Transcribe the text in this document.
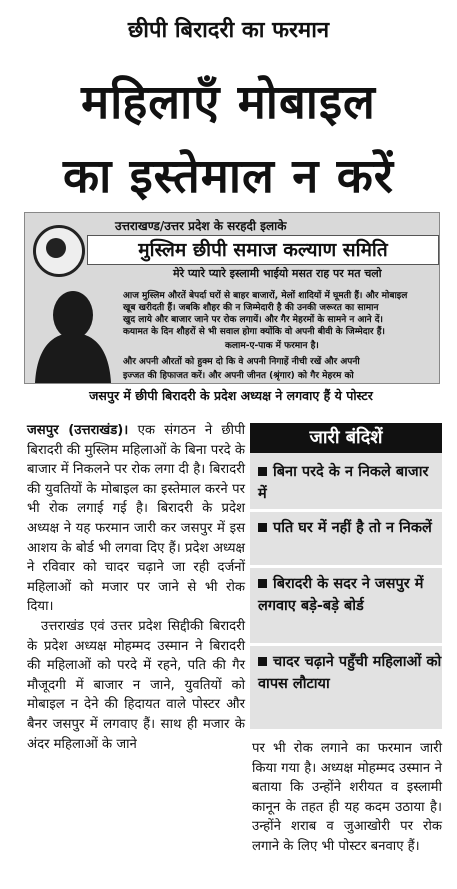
छीपी बिरादरी का फरमान
महिलाएँ मोबाइल
का इस्तेमाल न करें
उत्तराखण्ड/उत्तर प्रदेश के सरहदी इलाके
मुस्लिम छीपी समाज कल्याण समिति
मेरे प्यारे प्यारे इस्लामी भाईयो मसत राह पर मत चलो
आज मुस्लिम औरतें बेपर्दा घरों से बाहर बाजारों, मेलों शादियों में घूमती हैं। और मोबाइल
खूब खरीदती हैं। जबकि शौहर की न जिम्मेदारी है की उनकी जरूरत का सामान
खुद लाये और बाजार जाने पर रोक लगायें। और गैर मेहरमों के सामने न आने दें।
कयामत के दिन शौहरों से भी सवाल होगा क्योंकि वो अपनी बीवी के जिम्मेदार हैं।
कलाम-ए-पाक में फरमान है।
और अपनी औरतों को हुक्म दो कि वे अपनी निगाहें नीची रखें और अपनी
इज्जत की हिफाजत करें। और अपनी जीनत (श्रृंगार) को गैर मेहरम को
जसपुर में छीपी बिरादरी के प्रदेश अध्यक्ष ने लगवाए हैं ये पोस्टर

जसपुर (उत्तराखंड)। एक संगठन ने छीपी बिरादरी की मुस्लिम महिलाओं के बिना परदे के बाजार में निकलने पर रोक लगा दी है। बिरादरी की युवतियों के मोबाइल का इस्तेमाल करने पर भी रोक लगाई गई है। बिरादरी के प्रदेश अध्यक्ष ने यह फरमान जारी कर जसपुर में इस आशय के बोर्ड भी लगवा दिए हैं। प्रदेश अध्यक्ष ने रविवार को चादर चढ़ाने जा रही दर्जनों महिलाओं को मजार पर जाने से भी रोक दिया।

उत्तराखंड एवं उत्तर प्रदेश सिद्दीकी बिरादरी के प्रदेश अध्यक्ष मोहम्मद उस्मान ने बिरादरी की महिलाओं को परदे में रहने, पति की गैर मौजूदगी में बाजार न जाने, युवतियों को मोबाइल न देने की हिदायत वाले पोस्टर और बैनर जसपुर में लगवाए हैं। साथ ही मजार के अंदर महिलाओं के जाने

जारी बंदिशें
बिना परदे के न निकले बाजार में
पति घर में नहीं है तो न निकलें
बिरादरी के सदर ने जसपुर में लगवाए बड़े-बड़े बोर्ड
चादर चढ़ाने पहुँची महिलाओं को वापस लौटाया

पर भी रोक लगाने का फरमान जारी किया गया है। अध्यक्ष मोहम्मद उस्मान ने बताया कि उन्होंने शरीयत व इस्लामी कानून के तहत ही यह कदम उठाया है। उन्होंने शराब व जुआखोरी पर रोक लगाने के लिए भी पोस्टर बनवाए हैं।
